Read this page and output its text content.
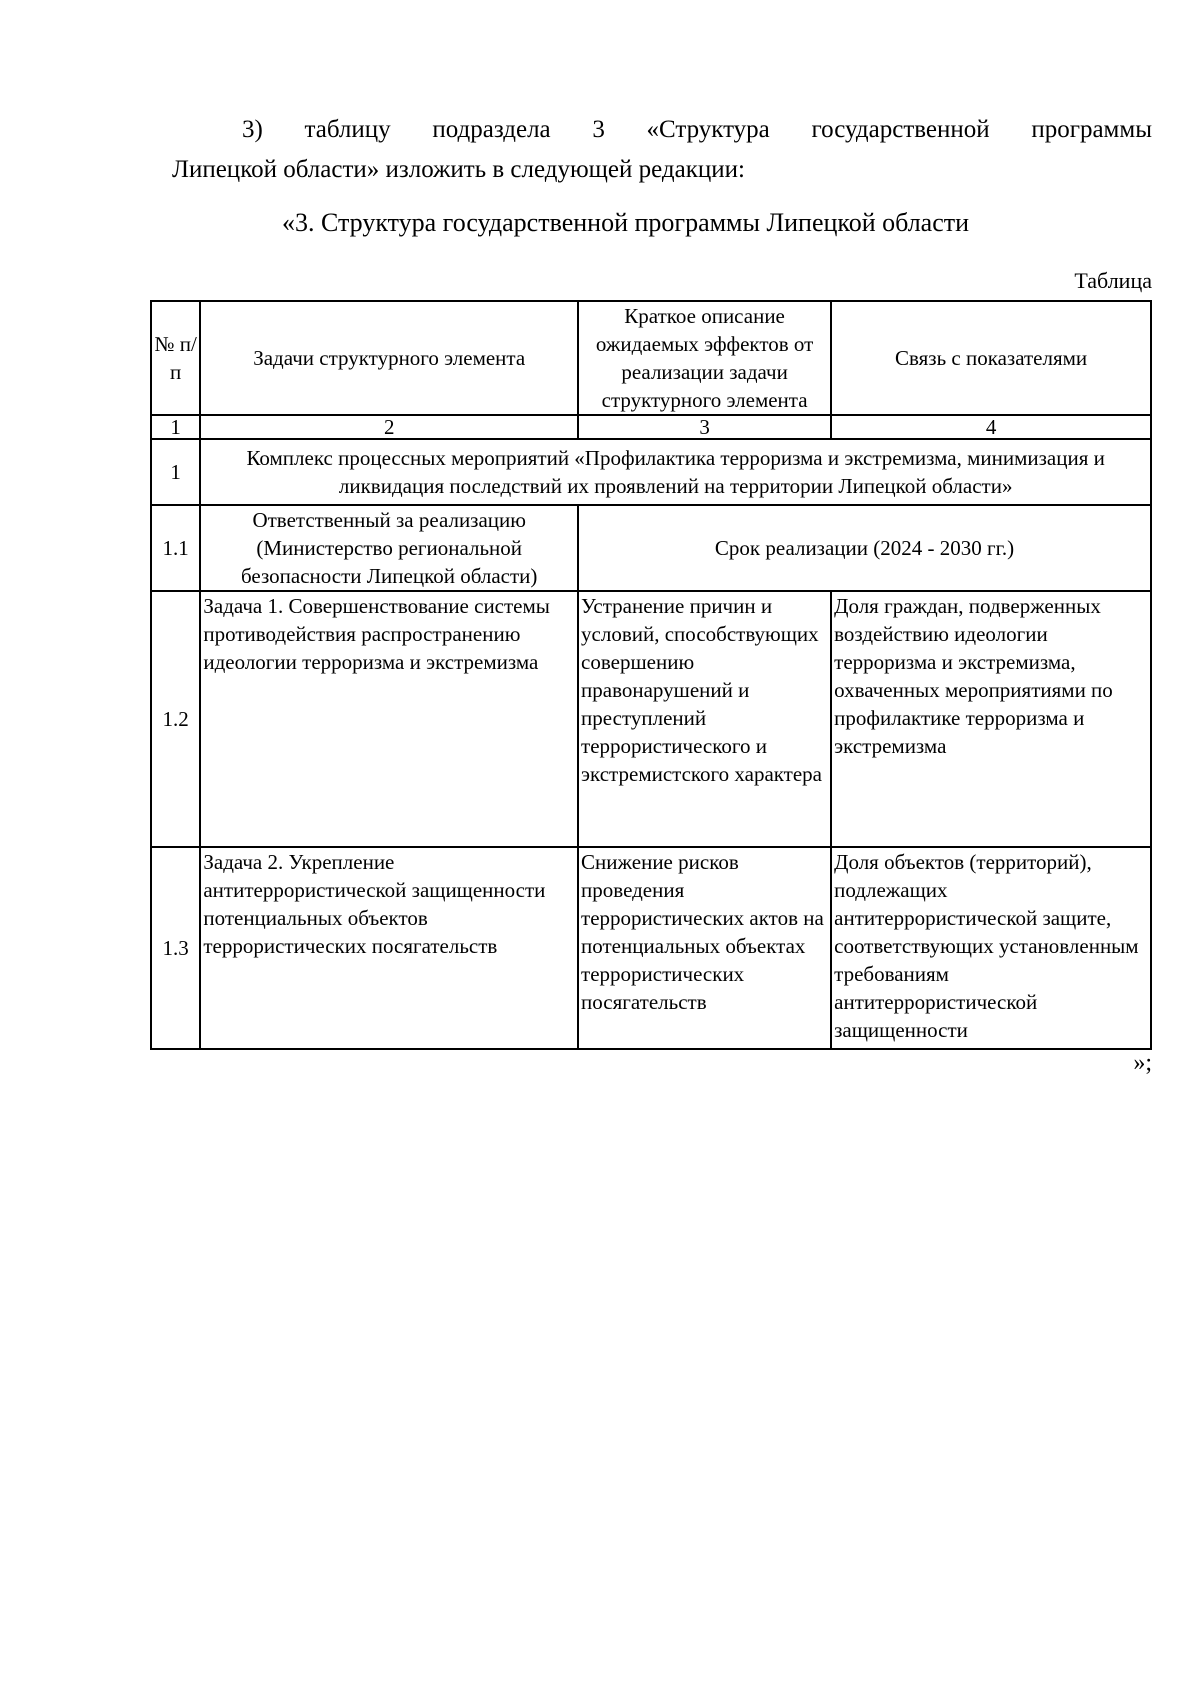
3) таблицу подраздела 3 «Структура государственной программы
Липецкой области» изложить в следующей редакции:
«3. Структура государственной программы Липецкой области
Таблица
№ п/п	Задачи структурного элемента	Краткое описание ожидаемых эффектов от реализации задачи структурного элемента	Связь с показателями
1	2	3	4
1	Комплекс процессных мероприятий «Профилактика терроризма и экстремизма, минимизация и ликвидация последствий их проявлений на территории Липецкой области»		
1.1	Ответственный за реализацию (Министерство региональной безопасности Липецкой области)	Срок реализации (2024 - 2030 гг.)	
1.2	Задача 1. Совершенствование системы противодействия распространению идеологии терроризма и экстремизма	Устранение причин и условий, способствующих совершению правонарушений и преступлений террористического и экстремистского характера	Доля граждан, подверженных воздействию идеологии терроризма и экстремизма, охваченных мероприятиями по профилактике терроризма и экстремизма
1.3	Задача 2. Укрепление антитеррористической защищенности потенциальных объектов террористических посягательств	Снижение рисков проведения террористических актов на потенциальных объектах террористических посягательств	Доля объектов (территорий), подлежащих антитеррористической защите, соответствующих установленным требованиям антитеррористической защищенности
»;
